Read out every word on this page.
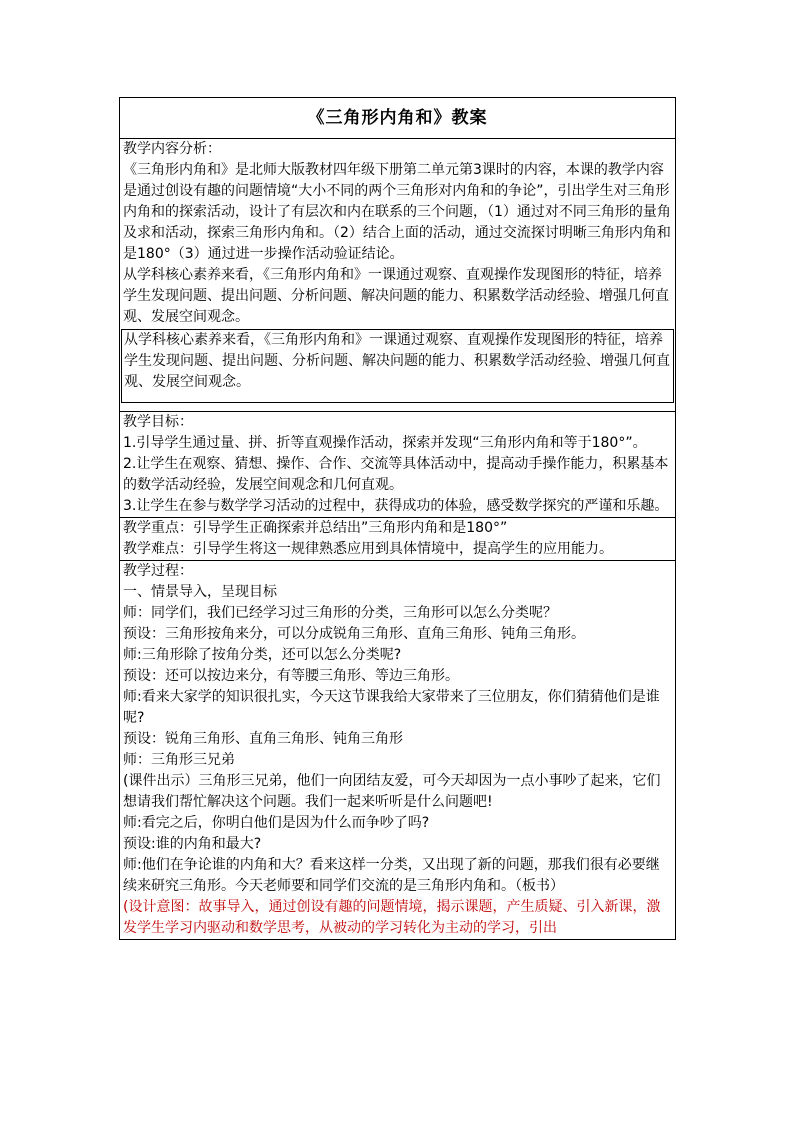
《三角形内角和》教案

教学内容分析：

《三角形内角和》是北师大版教材四年级下册第二单元第3课时的内容，本课的教学内容是通过创设有趣的问题情境“大小不同的两个三角形对内角和的争论”，引出学生对三角形内角和的探索活动，设计了有层次和内在联系的三个问题，（1）通过对不同三角形的量角及求和活动，探索三角形内角和。（2）结合上面的活动，通过交流探讨明晰三角形内角和是180°（3）通过进一步操作活动验证结论。

从学科核心素养来看，《三角形内角和》一课通过观察、直观操作发现图形的特征，培养学生发现问题、提出问题、分析问题、解决问题的能力、积累数学活动经验、增强几何直观、发展空间观念。

从学科核心素养来看，《三角形内角和》一课通过观察、直观操作发现图形的特征，培养学生发现问题、提出问题、分析问题、解决问题的能力、积累数学活动经验、增强几何直观、发展空间观念。

教学目标：

1.引导学生通过量、拼、折等直观操作活动，探索并发现“三角形内角和等于180°”。

2.让学生在观察、猜想、操作、合作、交流等具体活动中，提高动手操作能力，积累基本的数学活动经验，发展空间观念和几何直观。

3.让学生在参与数学学习活动的过程中，获得成功的体验，感受数学探究的严谨和乐趣。

教学重点：引导学生正确探索并总结出”三角形内角和是180°”

教学难点：引导学生将这一规律熟悉应用到具体情境中，提高学生的应用能力。

教学过程：

一、情景导入，呈现目标

师：同学们，我们已经学习过三角形的分类，三角形可以怎么分类呢？

预设：三角形按角来分，可以分成锐角三角形、直角三角形、钝角三角形。

师:三角形除了按角分类，还可以怎么分类呢?

预设：还可以按边来分，有等腰三角形、等边三角形。

师:看来大家学的知识很扎实，今天这节课我给大家带来了三位朋友，你们猜猜他们是谁呢?

预设：锐角三角形、直角三角形、钝角三角形

师：三角形三兄弟

(课件出示）三角形三兄弟，他们一向团结友爱，可今天却因为一点小事吵了起来，它们想请我们帮忙解决这个问题。我们一起来听听是什么问题吧!

师:看完之后，你明白他们是因为什么而争吵了吗?

预设:谁的内角和最大?

师:他们在争论谁的内角和大？看来这样一分类，又出现了新的问题，那我们很有必要继续来研究三角形。今天老师要和同学们交流的是三角形内角和。（板书）

(设计意图：故事导入，通过创设有趣的问题情境，揭示课题，产生质疑、引入新课，激发学生学习内驱动和数学思考，从被动的学习转化为主动的学习，引出
